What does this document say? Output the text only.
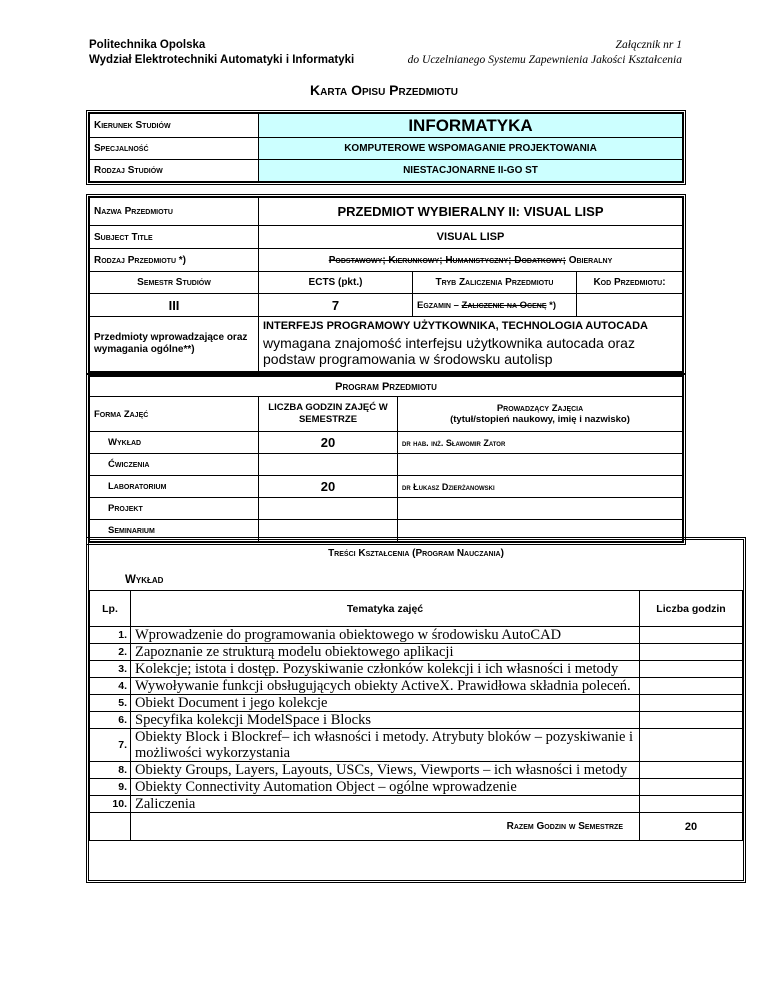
Politechnika Opolska
Wydział Elektrotechniki Automatyki i Informatyki
Załącznik nr 1
do Uczelnianego Systemu Zapewnienia Jakości Kształcenia
Karta Opisu Przedmiotu
Kierunek Studiów	INFORMATYKA
Specjalność	KOMPUTEROWE WSPOMAGANIE PROJEKTOWANIA
Rodzaj Studiów	NIESTACJONARNE II-GO ST
Nazwa Przedmiotu	PRZEDMIOT WYBIERALNY II: VISUAL LISP		
Subject Title	VISUAL LISP		
Rodzaj Przedmiotu *)	Podstawowy; Kierunkowy; Humanistyczny; Dodatkowy; Obieralny		
Semestr Studiów	ECTS (pkt.)	Tryb Zaliczenia Przedmiotu	Kod Przedmiotu:
III	7	Egzamin – Zaliczenie na Ocenę *)	
Przedmioty wprowadzające oraz wymagania ogólne**)	INTERFEJS PROGRAMOWY UŻYTKOWNIKA, TECHNOLOGIA AUTOCADA
wymagana znajomość interfejsu użytkownika autocada oraz podstaw programowania w środowsku autolisp		
Program Przedmiotu		
Forma Zajęć	LICZBA GODZIN ZAJĘĆ W SEMESTRZE	Prowadzący Zajęcia
(tytuł/stopień naukowy, imię i nazwisko)

Wykład	20	dr hab. inż. Sławomir Zator
Ćwiczenia		
Laboratorium	20	dr Łukasz Dzierżanowski
Projekt		
Seminarium		
Treści Kształcenia (Program Nauczania)
Wykład
Lp.	Tematyka zajęć	Liczba godzin
1.	Wprowadzenie do programowania obiektowego w środowisku AutoCAD	
2.	Zapoznanie ze strukturą modelu obiektowego aplikacji	
3.	Kolekcje; istota i dostęp. Pozyskiwanie członków kolekcji i ich własności i metody	
4.	Wywoływanie funkcji obsługujących obiekty ActiveX. Prawidłowa składnia poleceń.	
5.	Obiekt Document i jego kolekcje	
6.	Specyfika kolekcji ModelSpace i Blocks	
7.	Obiekty Block i Blockref– ich własności i metody. Atrybuty bloków – pozyskiwanie i możliwości wykorzystania	
8.	Obiekty Groups, Layers, Layouts, USCs, Views, Viewports – ich własności i metody	
9.	Obiekty Connectivity Automation Object – ogólne wprowadzenie	
10.	Zaliczenia	
	Razem Godzin w Semestrze	20
